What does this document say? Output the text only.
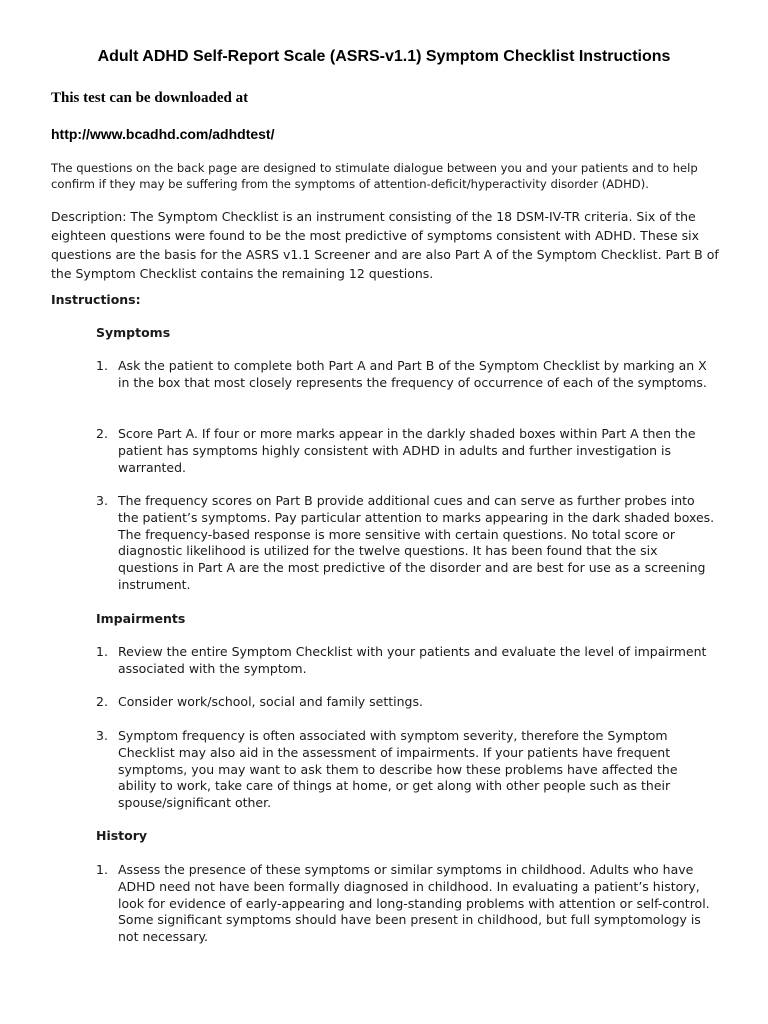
Adult ADHD Self-Report Scale (ASRS-v1.1) Symptom Checklist Instructions
This test can be downloaded at
http://www.bcadhd.com/adhdtest/
The questions on the back page are designed to stimulate dialogue between you and your patients and to help confirm if they may be suffering from the symptoms of attention-deficit/hyperactivity disorder (ADHD).
Description: The Symptom Checklist is an instrument consisting of the 18 DSM-IV-TR criteria. Six of the eighteen questions were found to be the most predictive of symptoms consistent with ADHD. These six questions are the basis for the ASRS v1.1 Screener and are also Part A of the Symptom Checklist. Part B of the Symptom Checklist contains the remaining 12 questions.
Instructions:
Symptoms
1. Ask the patient to complete both Part A and Part B of the Symptom Checklist by marking an X in the box that most closely represents the frequency of occurrence of each of the symptoms.
2. Score Part A. If four or more marks appear in the darkly shaded boxes within Part A then the patient has symptoms highly consistent with ADHD in adults and further investigation is warranted.
3. The frequency scores on Part B provide additional cues and can serve as further probes into the patient’s symptoms. Pay particular attention to marks appearing in the dark shaded boxes. The frequency-based response is more sensitive with certain questions. No total score or diagnostic likelihood is utilized for the twelve questions. It has been found that the six questions in Part A are the most predictive of the disorder and are best for use as a screening instrument.
Impairments
1. Review the entire Symptom Checklist with your patients and evaluate the level of impairment associated with the symptom.
2. Consider work/school, social and family settings.
3. Symptom frequency is often associated with symptom severity, therefore the Symptom Checklist may also aid in the assessment of impairments. If your patients have frequent symptoms, you may want to ask them to describe how these problems have affected the ability to work, take care of things at home, or get along with other people such as their spouse/significant other.
History
1. Assess the presence of these symptoms or similar symptoms in childhood. Adults who have ADHD need not have been formally diagnosed in childhood. In evaluating a patient’s history, look for evidence of early-appearing and long-standing problems with attention or self-control. Some significant symptoms should have been present in childhood, but full symptomology is not necessary.
